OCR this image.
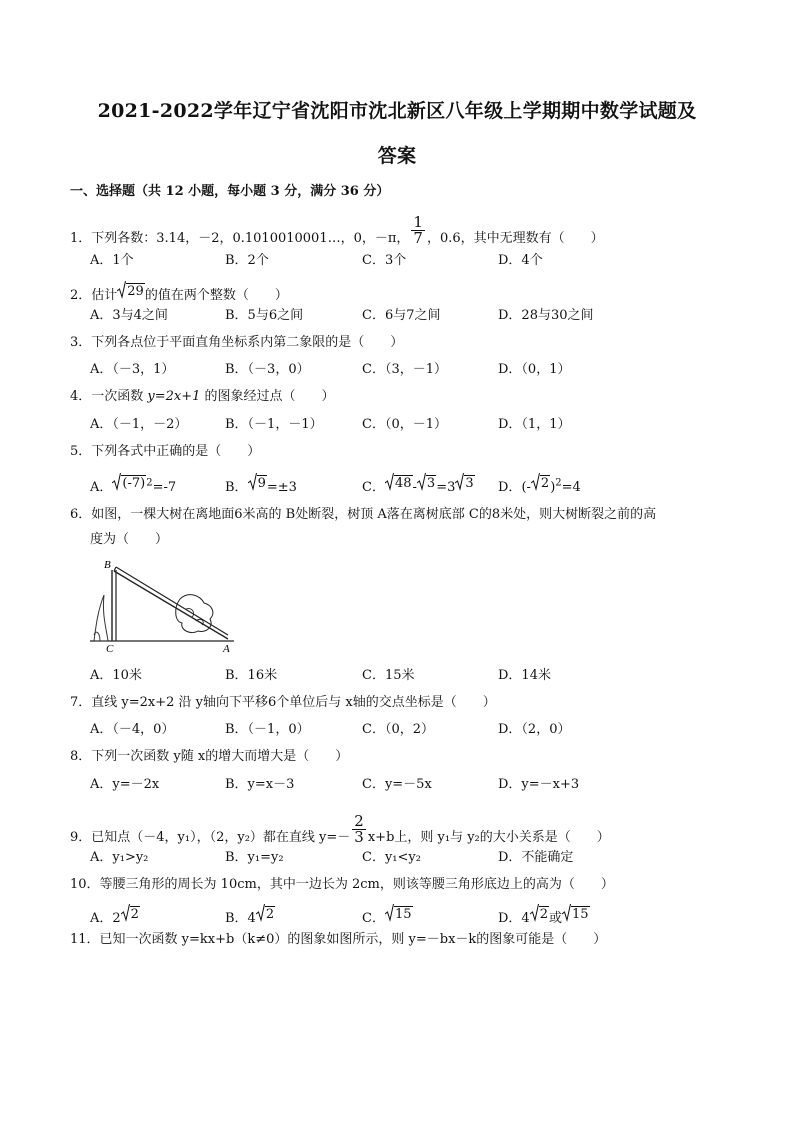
2021-2022学年辽宁省沈阳市沈北新区八年级上学期期中数学试题及
答案
一、选择题（共 12 小题，每小题 3 分，满分 36 分）
1．下列各数：3.14，－2，0.1010010001…，0，－π， $\frac{1}{7}$ ，0.6，其中无理数有（　　）
A．1个	B．2个	C．3个	D．4个
2．估计 29 的值在两个整数（　　）
A．3与4之间	B．5与6之间	C．6与7之间	D．28与30之间
3．下列各点位于平面直角坐标系内第二象限的是（　　）
A．（－3，1）	B．（－3，0）	C．（3，－1）	D．（0，1）
4．一次函数 y=2x+1 的图象经过点（　　）
A．（－1，－2）	B．（－1，－1）	C．（0，－1）	D．（1，1）
5．下列各式中正确的是（　　）
A． (-7) $^2$=-7	B． 9 =±3	C． 48 - 3 =3 3 D．(- 2 )$^2$=4
6．如图，一棵大树在离地面6米高的 B处断裂，树顶 A落在离树底部 C的8米处，则大树断裂之前的高
度为（　　）
B
C	A
A．10米	B．16米	C．15米	D．14米
7．直线 y=2x+2 沿 y轴向下平移6个单位后与 x轴的交点坐标是（　　）
A．（－4，0）	B．（－1，0）	C．（0，2）	D．（2，0）
8．下列一次函数 y随 x的增大而增大是（　　）
A．y=－2x	B．y=x－3	C．y=－5x	D．y=－x+3
9．已知点（－4，y₁），（2，y₂）都在直线 $y=- \frac{2}{3} x+b$上，则 y₁与 y₂的大小关系是（　　）
A．y₁>y₂	B．y₁=y₂	C．y₁<y₂	D．不能确定
10．等腰三角形的周长为 10cm，其中一边长为 2cm，则该等腰三角形底边上的高为（　　）
A．2 2	B．4 2	C． 15	D．4 2 或 15
11．已知一次函数 y=kx+b（k≠0）的图象如图所示，则 y=－bx－k的图象可能是（　　）
